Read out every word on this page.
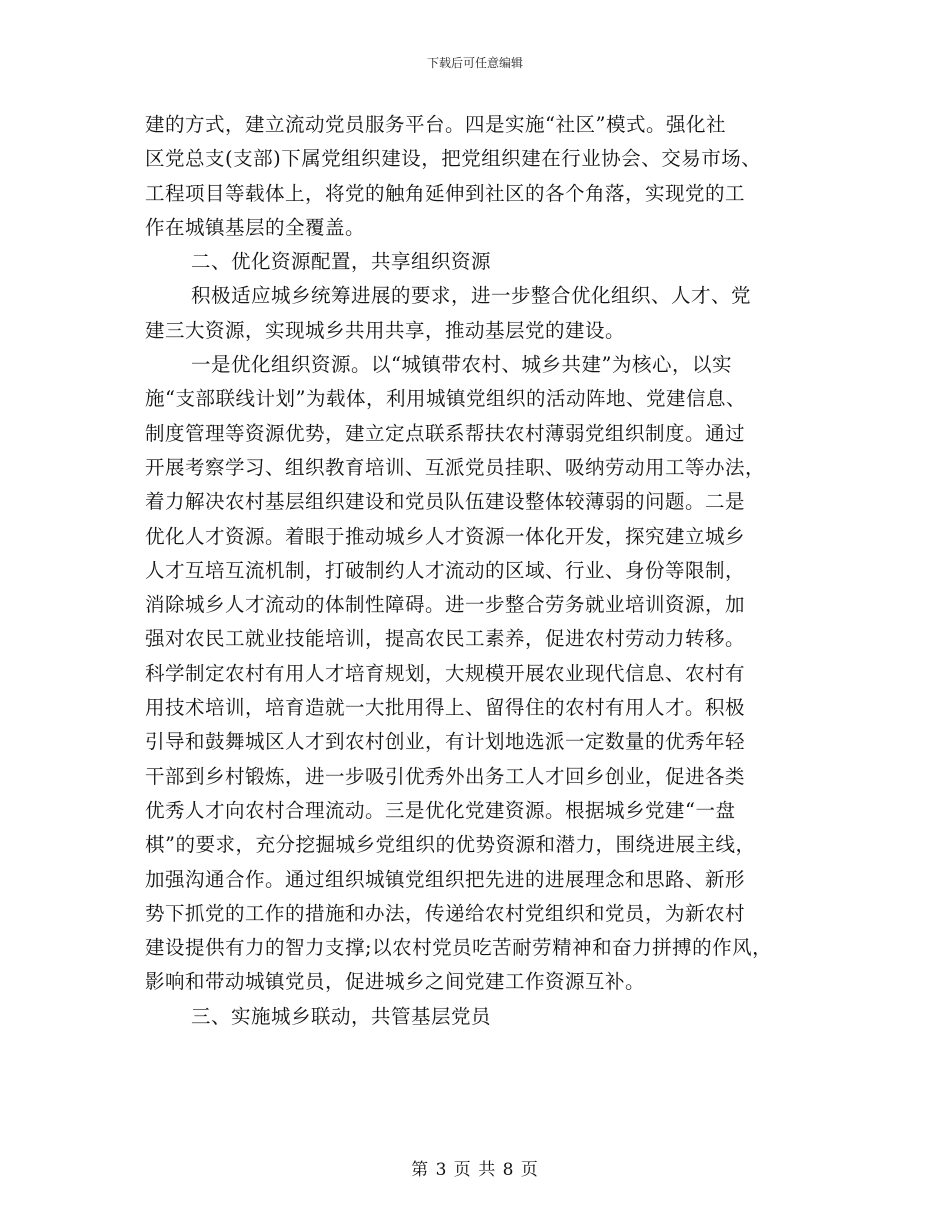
下载后可任意编辑
建的方式，建立流动党员服务平台。四是实施“社区”模式。强化社
区党总支(支部)下属党组织建设，把党组织建在行业协会、交易市场、
工程项目等载体上，将党的触角延伸到社区的各个角落，实现党的工
作在城镇基层的全覆盖。
二、优化资源配置，共享组织资源
积极适应城乡统筹进展的要求，进一步整合优化组织、人才、党
建三大资源，实现城乡共用共享，推动基层党的建设。
一是优化组织资源。以“城镇带农村、城乡共建”为核心，以实
施“支部联线计划”为载体，利用城镇党组织的活动阵地、党建信息、
制度管理等资源优势，建立定点联系帮扶农村薄弱党组织制度。通过
开展考察学习、组织教育培训、互派党员挂职、吸纳劳动用工等办法，
着力解决农村基层组织建设和党员队伍建设整体较薄弱的问题。二是
优化人才资源。着眼于推动城乡人才资源一体化开发，探究建立城乡
人才互培互流机制，打破制约人才流动的区域、行业、身份等限制，
消除城乡人才流动的体制性障碍。进一步整合劳务就业培训资源，加
强对农民工就业技能培训，提高农民工素养，促进农村劳动力转移。
科学制定农村有用人才培育规划，大规模开展农业现代信息、农村有
用技术培训，培育造就一大批用得上、留得住的农村有用人才。积极
引导和鼓舞城区人才到农村创业，有计划地选派一定数量的优秀年轻
干部到乡村锻炼，进一步吸引优秀外出务工人才回乡创业，促进各类
优秀人才向农村合理流动。三是优化党建资源。根据城乡党建“一盘
棋”的要求，充分挖掘城乡党组织的优势资源和潜力，围绕进展主线，
加强沟通合作。通过组织城镇党组织把先进的进展理念和思路、新形
势下抓党的工作的措施和办法，传递给农村党组织和党员，为新农村
建设提供有力的智力支撑;以农村党员吃苦耐劳精神和奋力拼搏的作风，
影响和带动城镇党员，促进城乡之间党建工作资源互补。
三、实施城乡联动，共管基层党员
第 3 页 共 8 页
